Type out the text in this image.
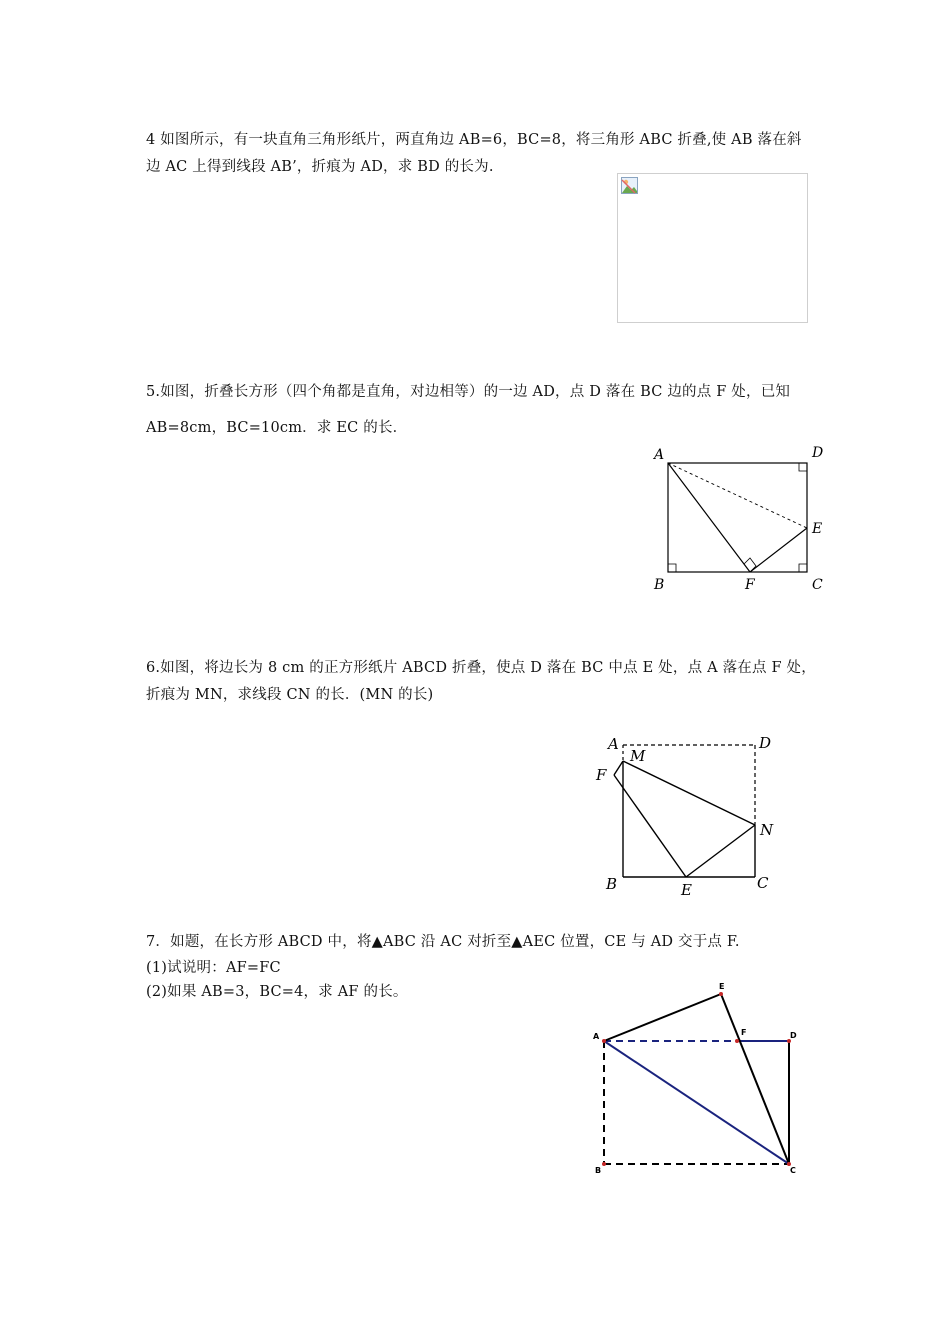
4 如图所示，有一块直角三角形纸片，两直角边 AB=6，BC=8，将三角形 ABC 折叠,使 AB 落在斜
边 AC 上得到线段 AB’，折痕为 AD，求 BD 的长为.
5.如图，折叠长方形（四个角都是直角，对边相等）的一边 AD，点 D 落在 BC 边的点 F 处，已知
AB=8cm，BC=10cm．求 EC 的长．
A	D
E
B	F	C
6.如图，将边长为 8 cm 的正方形纸片 ABCD 折叠，使点 D 落在 BC 中点 E 处，点 A 落在点 F 处，
折痕为 MN，求线段 CN 的长．(MN 的长)
A
M
D
F
N
B	E	C
7．如题，在长方形 ABCD 中，将▲ABC 沿 AC 对折至▲AEC 位置，CE 与 AD 交于点 F.
(1)试说明：AF=FC
(2)如果 AB=3，BC=4，求 AF 的长。
A
E
F	D
B	C
